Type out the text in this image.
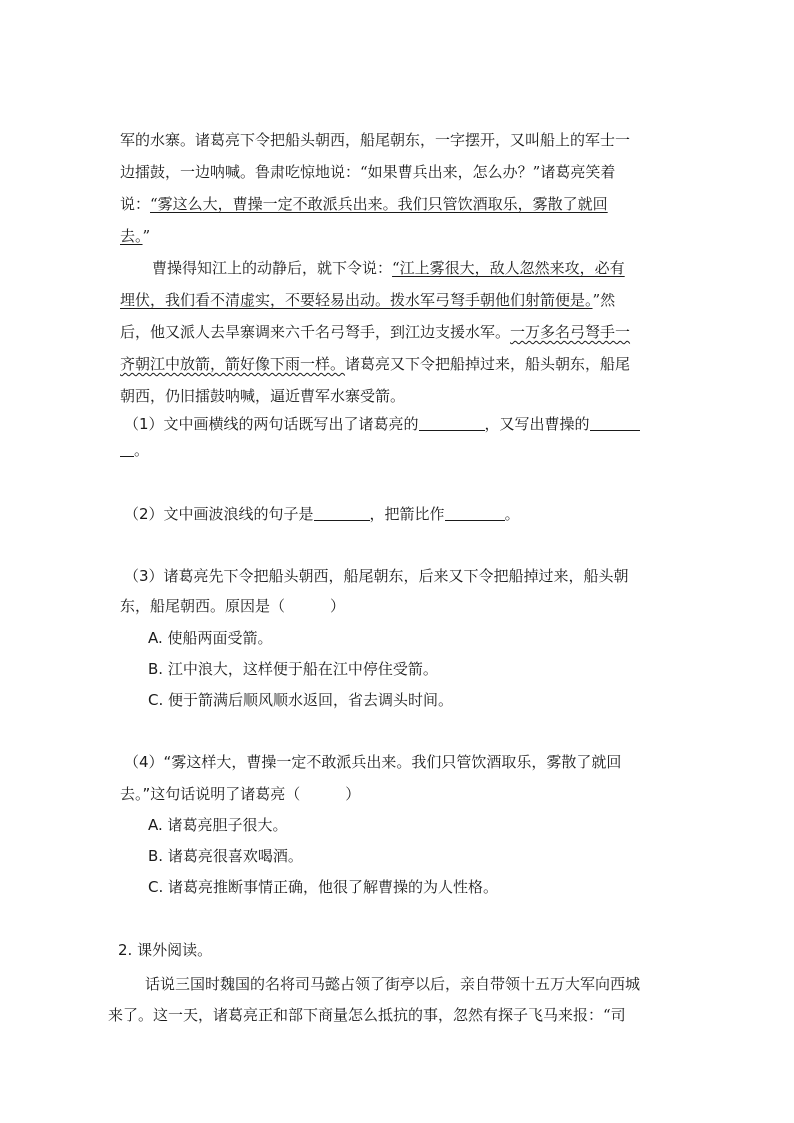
军的水寨。诸葛亮下令把船头朝西，船尾朝东，一字摆开，又叫船上的军士一
边擂鼓，一边呐喊。鲁肃吃惊地说：“如果曹兵出来，怎么办？”诸葛亮笑着
说：“雾这么大，曹操一定不敢派兵出来。我们只管饮酒取乐，雾散了就回
去。”
曹操得知江上的动静后，就下令说：“江上雾很大，敌人忽然来攻，必有
埋伏，我们看不清虚实，不要轻易出动。拨水军弓弩手朝他们射箭便是。”然
后，他又派人去旱寨调来六千名弓弩手，到江边支援水军。一万多名弓弩手一
齐朝江中放箭，箭好像下雨一样。诸葛亮又下令把船掉过来，船头朝东，船尾
朝西，仍旧擂鼓呐喊，逼近曹军水寨受箭。
（1）文中画横线的两句话既写出了诸葛亮的	，又写出曹操的
。
（2）文中画波浪线的句子是	，把箭比作	。
（3）诸葛亮先下令把船头朝西，船尾朝东，后来又下令把船掉过来，船头朝
东，船尾朝西。原因是（　　　）
A. 使船两面受箭。
B. 江中浪大，这样便于船在江中停住受箭。
C. 便于箭满后顺风顺水返回，省去调头时间。
（4）“雾这样大，曹操一定不敢派兵出来。我们只管饮酒取乐，雾散了就回
去。”这句话说明了诸葛亮（　　　）
A. 诸葛亮胆子很大。
B. 诸葛亮很喜欢喝酒。
C. 诸葛亮推断事情正确，他很了解曹操的为人性格。
2. 课外阅读。
话说三国时魏国的名将司马懿占领了街亭以后，亲自带领十五万大军向西城
来了。这一天，诸葛亮正和部下商量怎么抵抗的事，忽然有探子飞马来报：“司
